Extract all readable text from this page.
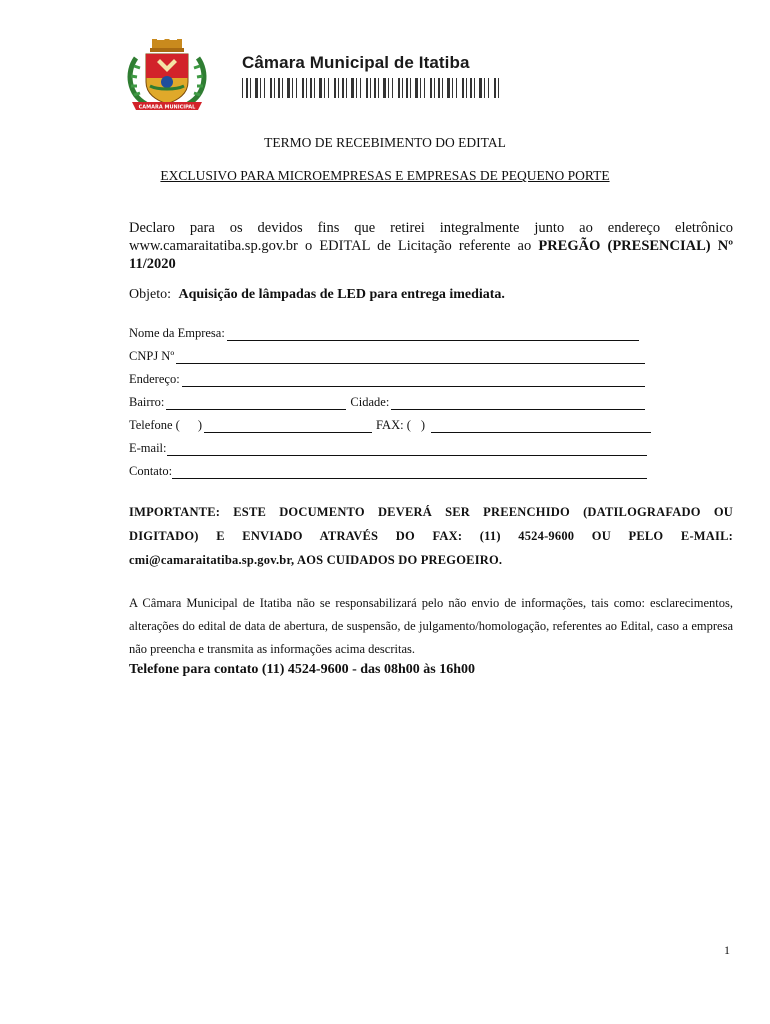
CAMARA MUNICIPAL
Câmara Municipal de Itatiba
TERMO DE RECEBIMENTO DO EDITAL
EXCLUSIVO PARA MICROEMPRESAS E EMPRESAS DE PEQUENO PORTE
Declaro para os devidos fins que retirei integralmente junto ao endereço eletrônico www.camaraitatiba.sp.gov.br o EDITAL de Licitação referente ao PREGÃO (PRESENCIAL) Nº 11/2020
Objeto: Aquisição de lâmpadas de LED para entrega imediata.
Nome da Empresa:
CNPJ Nº
Endereço:
Bairro:	Cidade:
Telefone ( )	FAX: ( )
E-mail:
Contato:
IMPORTANTE: ESTE DOCUMENTO DEVERÁ SER PREENCHIDO (DATILOGRAFADO OU DIGITADO) E ENVIADO ATRAVÉS DO FAX: (11) 4524-9600 OU PELO E-MAIL: cmi@camaraitatiba.sp.gov.br, AOS CUIDADOS DO PREGOEIRO.
A Câmara Municipal de Itatiba não se responsabilizará pelo não envio de informações, tais como: esclarecimentos, alterações do edital de data de abertura, de suspensão, de julgamento/homologação, referentes ao Edital, caso a empresa não preencha e transmita as informações acima descritas.
Telefone para contato (11) 4524-9600 - das 08h00 às 16h00
1
